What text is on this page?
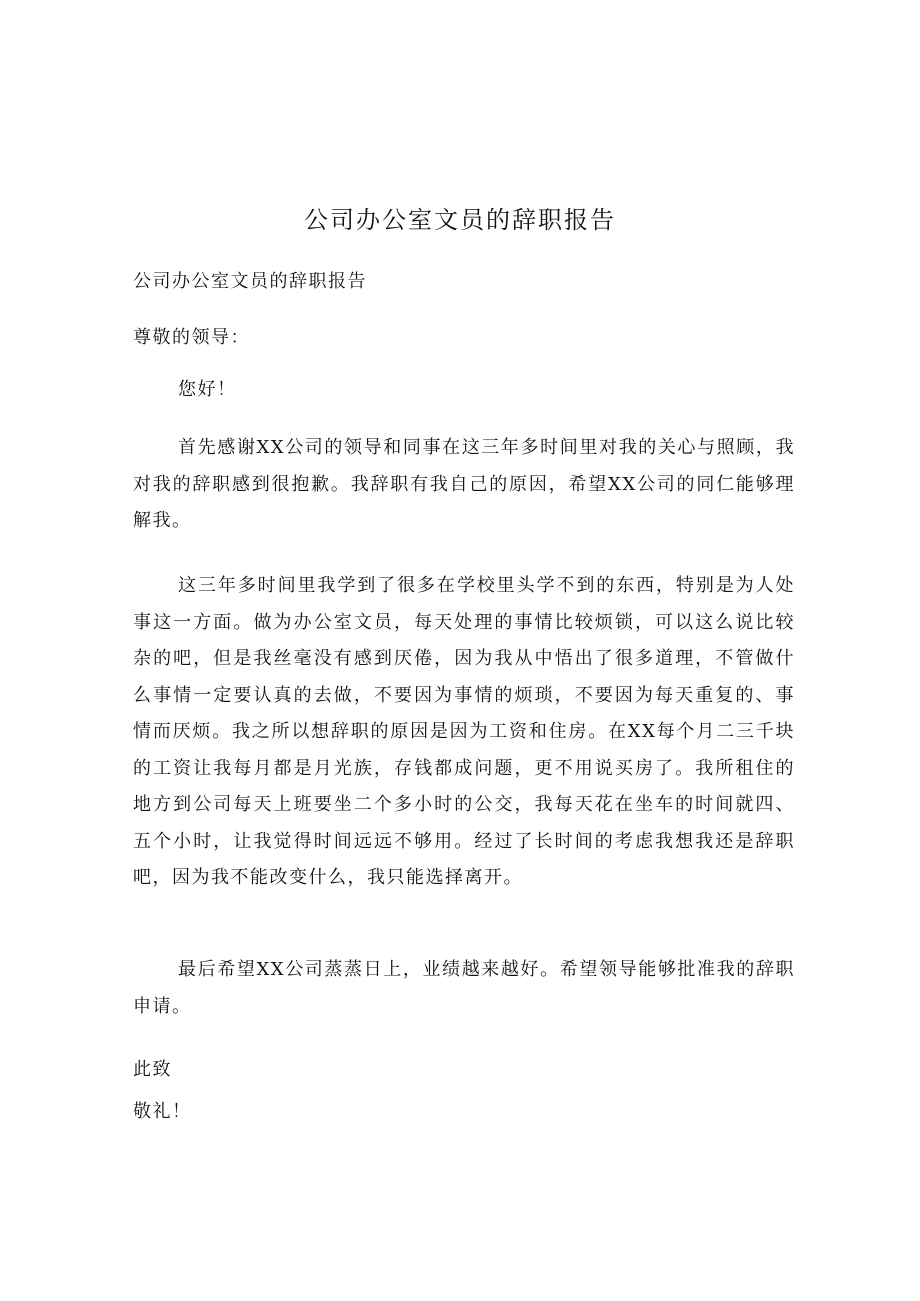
公司办公室文员的辞职报告

公司办公室文员的辞职报告

尊敬的领导：

您好！

首先感谢XX公司的领导和同事在这三年多时间里对我的关心与照顾，我对我的辞职感到很抱歉。我辞职有我自己的原因，希望XX公司的同仁能够理解我。

这三年多时间里我学到了很多在学校里头学不到的东西，特别是为人处事这一方面。做为办公室文员，每天处理的事情比较烦锁，可以这么说比较杂的吧，但是我丝毫没有感到厌倦，因为我从中悟出了很多道理，不管做什么事情一定要认真的去做，不要因为事情的烦琐，不要因为每天重复的、事情而厌烦。我之所以想辞职的原因是因为工资和住房。在XX每个月二三千块的工资让我每月都是月光族，存钱都成问题，更不用说买房了。我所租住的地方到公司每天上班要坐二个多小时的公交，我每天花在坐车的时间就四、五个小时，让我觉得时间远远不够用。经过了长时间的考虑我想我还是辞职吧，因为我不能改变什么，我只能选择离开。

最后希望XX公司蒸蒸日上，业绩越来越好。希望领导能够批准我的辞职申请。

此致

敬礼！
